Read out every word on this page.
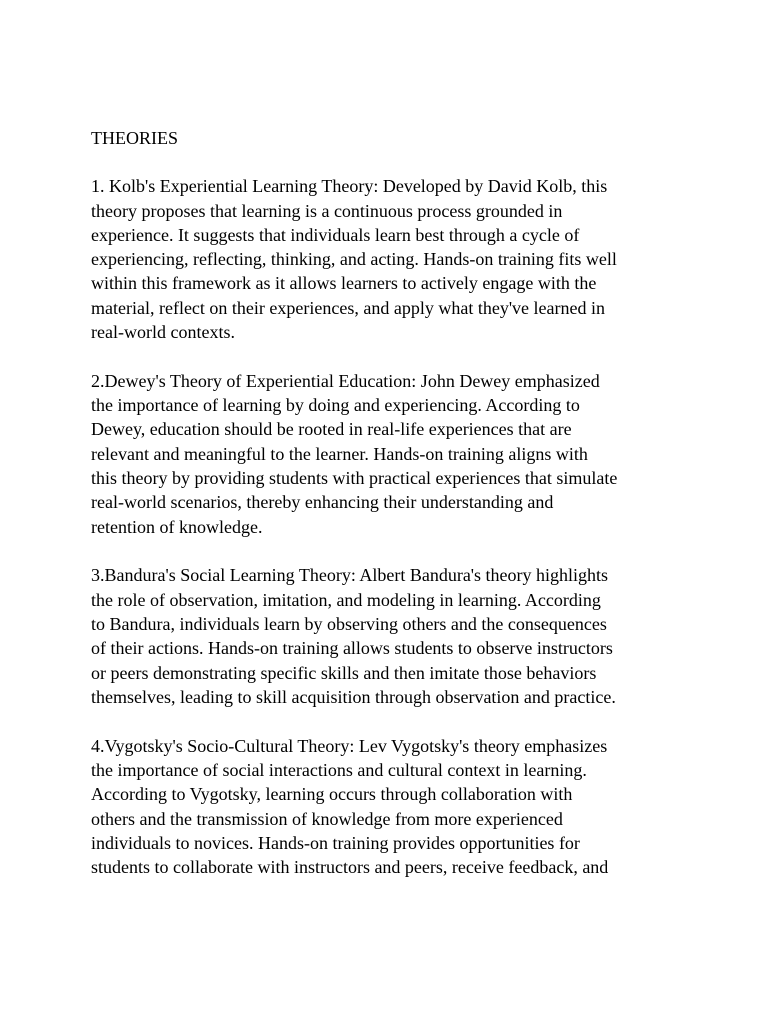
THEORIES
1. Kolb's Experiential Learning Theory: Developed by David Kolb, this
theory proposes that learning is a continuous process grounded in
experience. It suggests that individuals learn best through a cycle of
experiencing, reflecting, thinking, and acting. Hands-on training fits well
within this framework as it allows learners to actively engage with the
material, reflect on their experiences, and apply what they've learned in
real-world contexts.
2.Dewey's Theory of Experiential Education: John Dewey emphasized
the importance of learning by doing and experiencing. According to
Dewey, education should be rooted in real-life experiences that are
relevant and meaningful to the learner. Hands-on training aligns with
this theory by providing students with practical experiences that simulate
real-world scenarios, thereby enhancing their understanding and
retention of knowledge.
3.Bandura's Social Learning Theory: Albert Bandura's theory highlights
the role of observation, imitation, and modeling in learning. According
to Bandura, individuals learn by observing others and the consequences
of their actions. Hands-on training allows students to observe instructors
or peers demonstrating specific skills and then imitate those behaviors
themselves, leading to skill acquisition through observation and practice.
4.Vygotsky's Socio-Cultural Theory: Lev Vygotsky's theory emphasizes
the importance of social interactions and cultural context in learning.
According to Vygotsky, learning occurs through collaboration with
others and the transmission of knowledge from more experienced
individuals to novices. Hands-on training provides opportunities for
students to collaborate with instructors and peers, receive feedback, and
